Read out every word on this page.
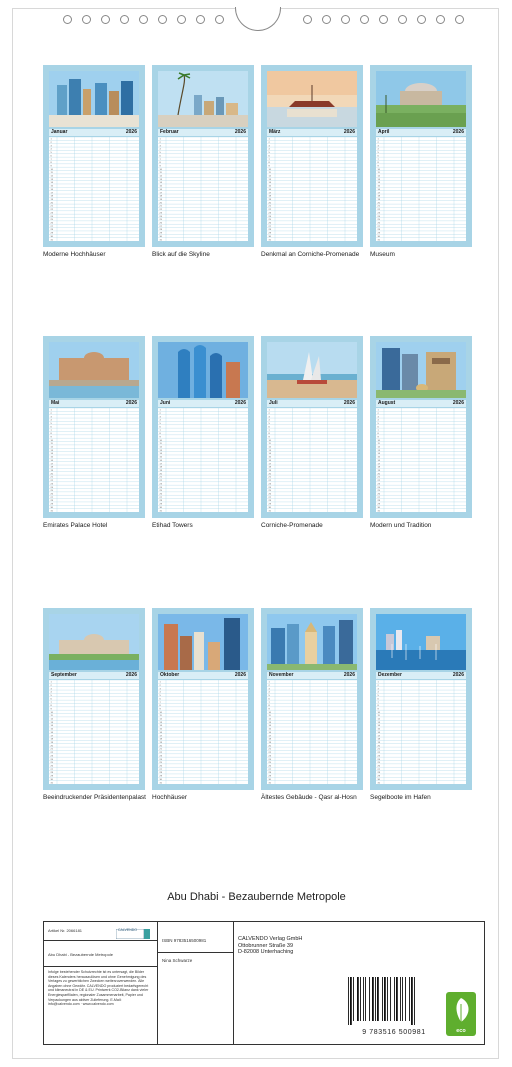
Januar	2026
1
2
3
4
5
6
7
8
9
10
11
12
13
14
15
16
17
18
19
20
21
22
23
24
25
26
27
28
29
30
31
Moderne Hochhäuser
Februar	2026
1
2
3
4
5
6
7
8
9
10
11
12
13
14
15
16
17
18
19
20
21
22
23
24
25
26
27
28
29
30
31
Blick auf die Skyline
März	2026
1
2
3
4
5
6
7
8
9
10
11
12
13
14
15
16
17
18
19
20
21
22
23
24
25
26
27
28
29
30
31
Denkmal an Corniche-Promenade
April	2026
1
2
3
4
5
6
7
8
9
10
11
12
13
14
15
16
17
18
19
20
21
22
23
24
25
26
27
28
29
30
31
Museum
Mai	2026
1
2
3
4
5
6
7
8
9
10
11
12
13
14
15
16
17
18
19
20
21
22
23
24
25
26
27
28
29
30
31
Emirates Palace Hotel
Juni	2026
1
2
3
4
5
6
7
8
9
10
11
12
13
14
15
16
17
18
19
20
21
22
23
24
25
26
27
28
29
30
31
Etihad Towers
Juli	2026
1
2
3
4
5
6
7
8
9
10
11
12
13
14
15
16
17
18
19
20
21
22
23
24
25
26
27
28
29
30
31
Corniche-Promenade
August	2026
1
2
3
4
5
6
7
8
9
10
11
12
13
14
15
16
17
18
19
20
21
22
23
24
25
26
27
28
29
30
31
Modern und Tradition
September	2026
1
2
3
4
5
6
7
8
9
10
11
12
13
14
15
16
17
18
19
20
21
22
23
24
25
26
27
28
29
30
31
Beeindruckender Präsidentenpalast
Oktober	2026
1
2
3
4
5
6
7
8
9
10
11
12
13
14
15
16
17
18
19
20
21
22
23
24
25
26
27
28
29
30
31
Hochhäuser
November	2026
1
2
3
4
5
6
7
8
9
10
11
12
13
14
15
16
17
18
19
20
21
22
23
24
25
26
27
28
29
30
31
Ältestes Gebäude - Qasr al-Hosn
Dezember	2026
1
2
3
4
5
6
7
8
9
10
11
12
13
14
15
16
17
18
19
20
21
22
23
24
25
26
27
28
29
30
31
Segelboote im Hafen
Abu Dhabi - Bezaubernde Metropole
Artikel Nr. 2066181	CALVENDO
Abu Dhabi - Bezaubernde Metropole
Infolge bestehender Schutzrechte ist es untersagt, die Bilder dieses Kalenders herauszulösen und ohne Genehmigung des Verlages zu gewerblichen Zwecken weiterzuverwenden. Alle Angaben ohne Gewähr. CALVENDO produziert bedarfsgerecht und klimaneutral in DE & EU. Printwerk CO2-Bilanz dank vieler Energiesparfilialen, regionaler Zusammenarbeit, Papier und Verpackungen aus aktiver Zulieferung. E-Mail: info@calvendo.com · www.calvendo.com
ISBN 9783516500981
Nina Schwarze
CALVENDO Verlag GmbH
Ottobrunner Straße 39
D-82008 Unterhaching
9 783516 500981	eco
